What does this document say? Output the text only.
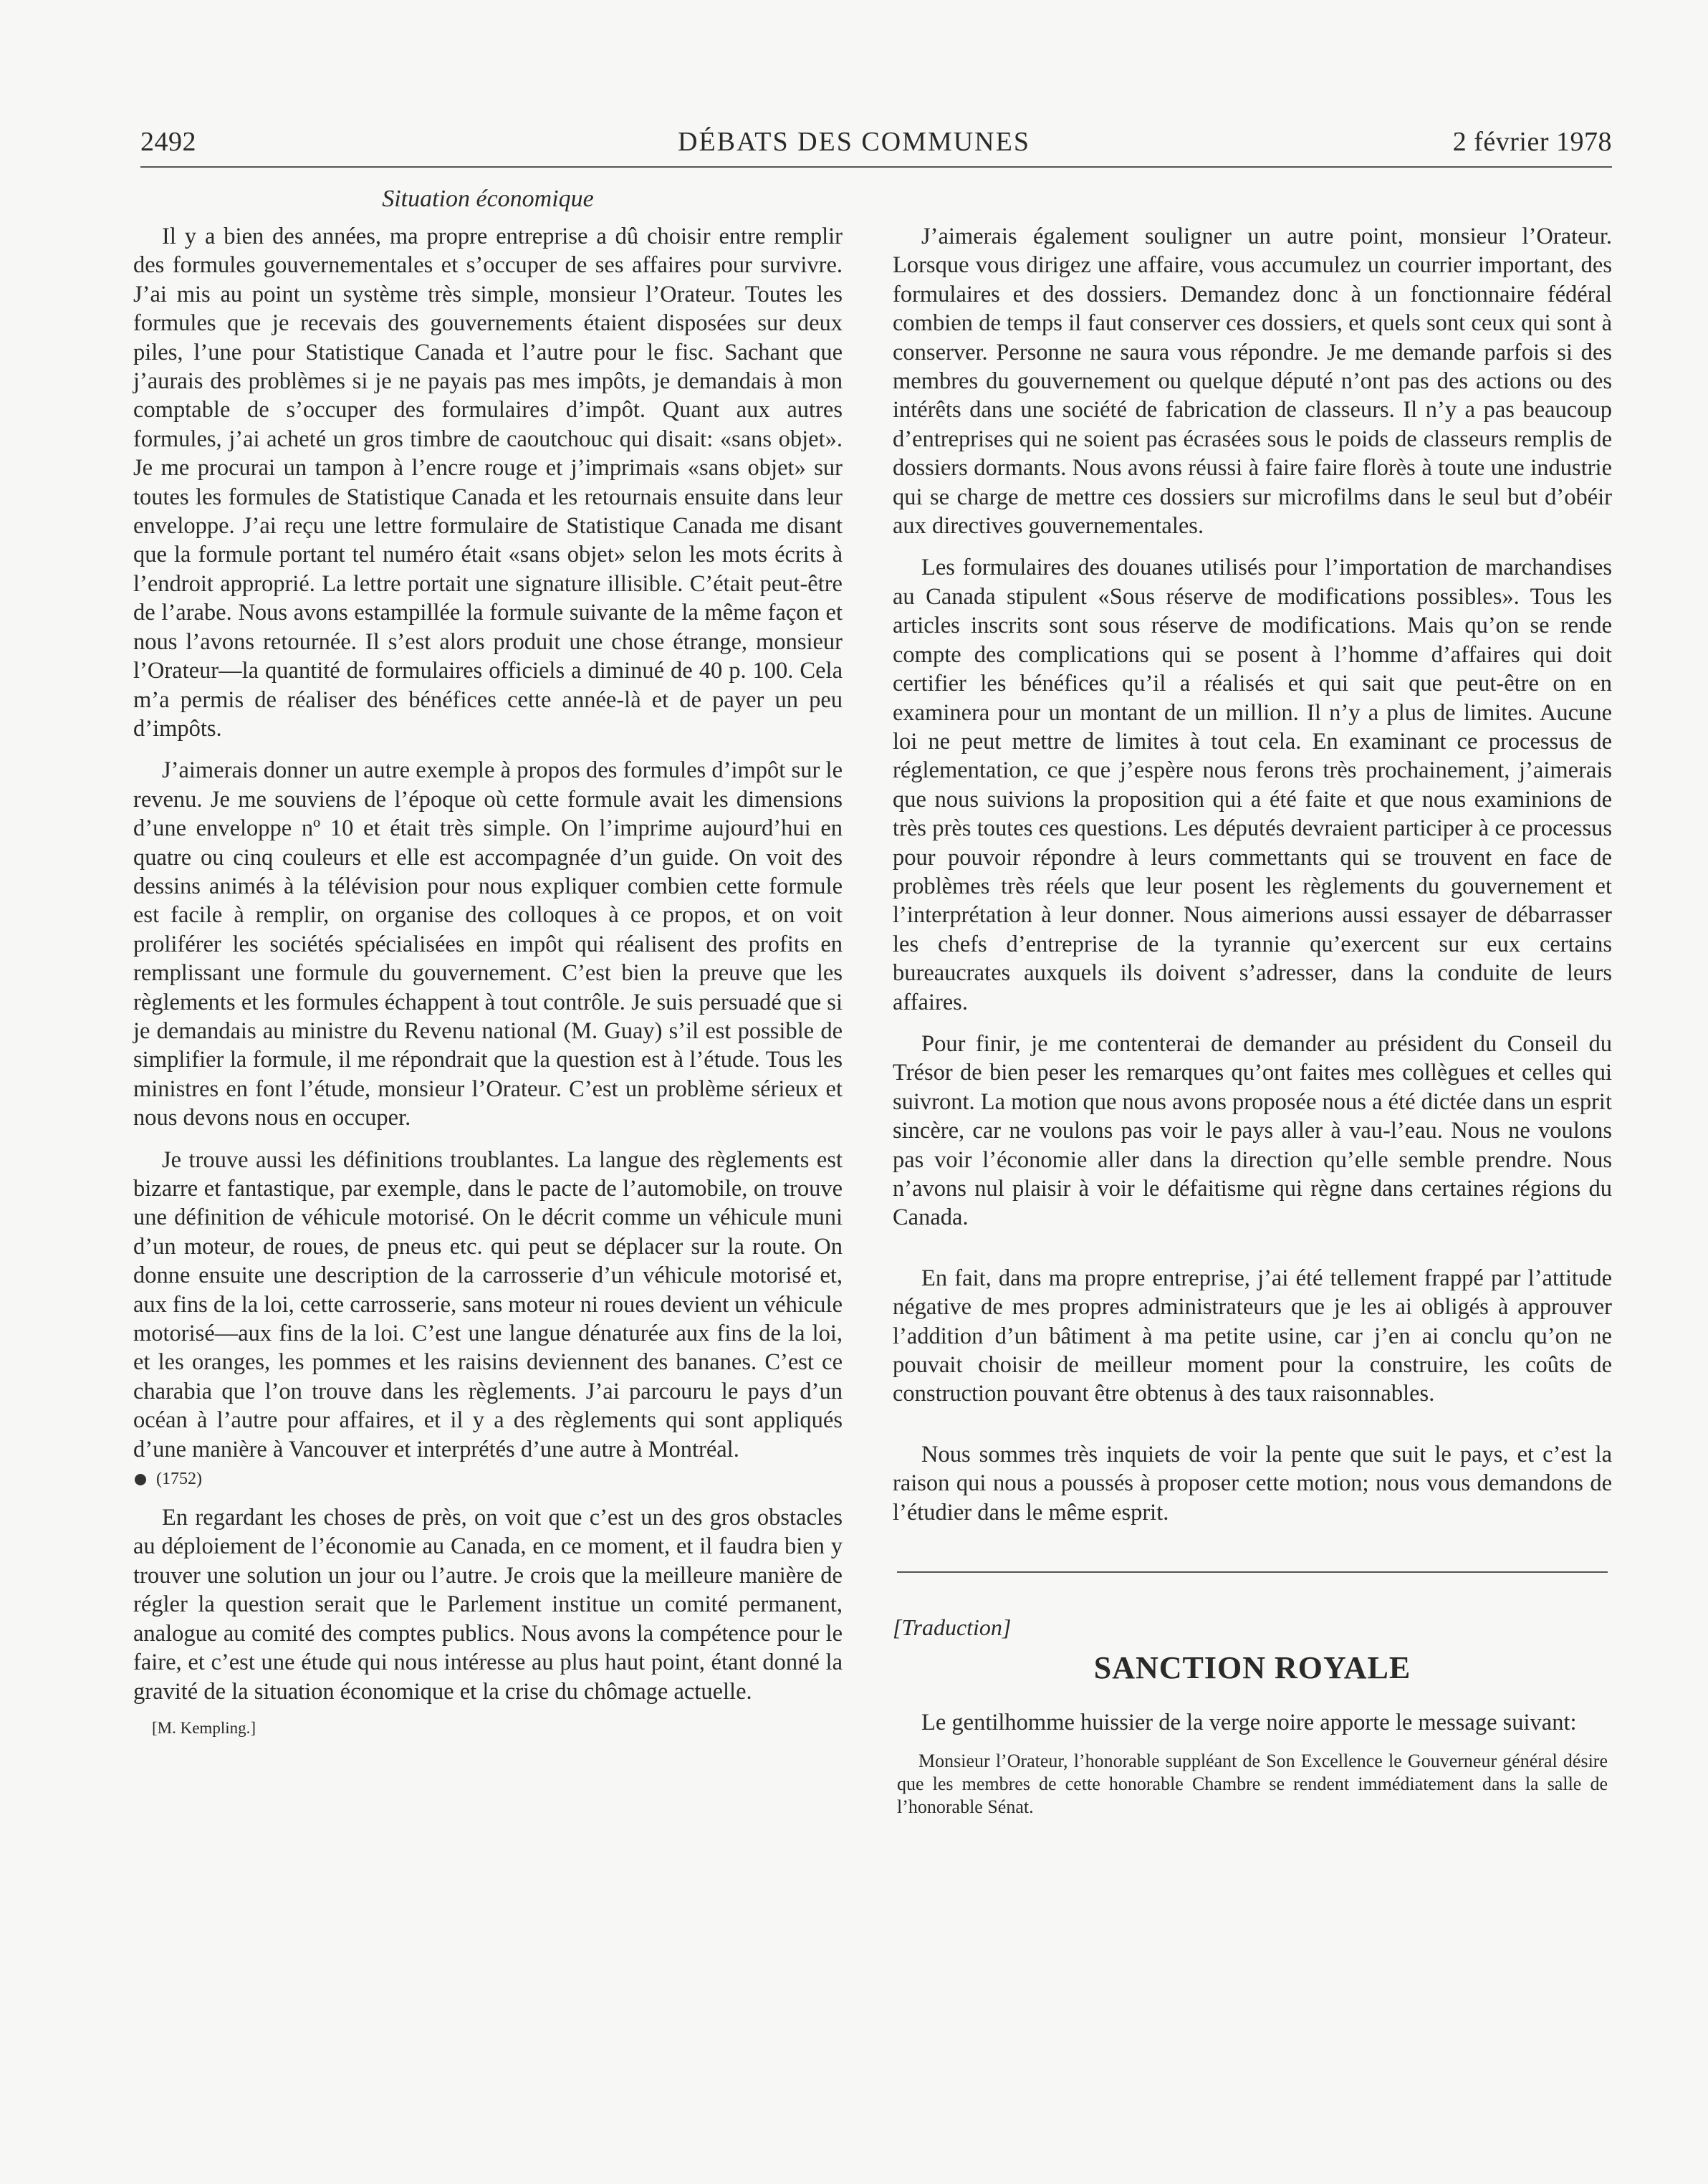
2492	DÉBATS DES COMMUNES	2 février 1978
Situation économique

Il y a bien des années, ma propre entreprise a dû choisir entre remplir des formules gouvernementales et s’occuper de ses affaires pour survivre. J’ai mis au point un système très simple, monsieur l’Orateur. Toutes les formules que je recevais des gouvernements étaient disposées sur deux piles, l’une pour Statistique Canada et l’autre pour le fisc. Sachant que j’aurais des problèmes si je ne payais pas mes impôts, je demandais à mon comptable de s’occuper des formulaires d’impôt. Quant aux autres formules, j’ai acheté un gros timbre de caoutchouc qui disait: «sans objet». Je me procurai un tampon à l’encre rouge et j’imprimais «sans objet» sur toutes les formules de Statistique Canada et les retournais ensuite dans leur enveloppe. J’ai reçu une lettre formulaire de Statistique Canada me disant que la formule portant tel numéro était «sans objet» selon les mots écrits à l’endroit approprié. La lettre portait une signature illisible. C’était peut-être de l’arabe. Nous avons estampillée la formule suivante de la même façon et nous l’avons retournée. Il s’est alors produit une chose étrange, monsieur l’Orateur—la quantité de formulaires officiels a diminué de 40 p. 100. Cela m’a permis de réaliser des bénéfices cette année-là et de payer un peu d’impôts.

J’aimerais donner un autre exemple à propos des formules d’impôt sur le revenu. Je me souviens de l’époque où cette formule avait les dimensions d’une enveloppe nº 10 et était très simple. On l’imprime aujourd’hui en quatre ou cinq couleurs et elle est accompagnée d’un guide. On voit des dessins animés à la télévision pour nous expliquer combien cette formule est facile à remplir, on organise des colloques à ce propos, et on voit proliférer les sociétés spécialisées en impôt qui réalisent des profits en remplissant une formule du gouvernement. C’est bien la preuve que les règlements et les formules échappent à tout contrôle. Je suis persuadé que si je demandais au ministre du Revenu national (M. Guay) s’il est possible de simplifier la formule, il me répondrait que la question est à l’étude. Tous les ministres en font l’étude, monsieur l’Orateur. C’est un problème sérieux et nous devons nous en occuper.

Je trouve aussi les définitions troublantes. La langue des règlements est bizarre et fantastique, par exemple, dans le pacte de l’automobile, on trouve une définition de véhicule motorisé. On le décrit comme un véhicule muni d’un moteur, de roues, de pneus etc. qui peut se déplacer sur la route. On donne ensuite une description de la carrosserie d’un véhicule motorisé et, aux fins de la loi, cette carrosserie, sans moteur ni roues devient un véhicule motorisé—aux fins de la loi. C’est une langue dénaturée aux fins de la loi, et les oranges, les pommes et les raisins deviennent des bananes. C’est ce charabia que l’on trouve dans les règlements. J’ai parcouru le pays d’un océan à l’autre pour affaires, et il y a des règlements qui sont appliqués d’une manière à Vancouver et interprétés d’une autre à Montréal.

(1752)

En regardant les choses de près, on voit que c’est un des gros obstacles au déploiement de l’économie au Canada, en ce moment, et il faudra bien y trouver une solution un jour ou l’autre. Je crois que la meilleure manière de régler la question serait que le Parlement institue un comité permanent, analogue au comité des comptes publics. Nous avons la compétence pour le faire, et c’est une étude qui nous intéresse au plus haut point, étant donné la gravité de la situation économique et la crise du chômage actuelle.

[M. Kempling.]

J’aimerais également souligner un autre point, monsieur l’Orateur. Lorsque vous dirigez une affaire, vous accumulez un courrier important, des formulaires et des dossiers. Demandez donc à un fonctionnaire fédéral combien de temps il faut conserver ces dossiers, et quels sont ceux qui sont à conserver. Personne ne saura vous répondre. Je me demande parfois si des membres du gouvernement ou quelque député n’ont pas des actions ou des intérêts dans une société de fabrication de classeurs. Il n’y a pas beaucoup d’entreprises qui ne soient pas écrasées sous le poids de classeurs remplis de dossiers dormants. Nous avons réussi à faire faire florès à toute une industrie qui se charge de mettre ces dossiers sur microfilms dans le seul but d’obéir aux directives gouvernementales.

Les formulaires des douanes utilisés pour l’importation de marchandises au Canada stipulent «Sous réserve de modifications possibles». Tous les articles inscrits sont sous réserve de modifications. Mais qu’on se rende compte des complications qui se posent à l’homme d’affaires qui doit certifier les bénéfices qu’il a réalisés et qui sait que peut-être on en examinera pour un montant de un million. Il n’y a plus de limites. Aucune loi ne peut mettre de limites à tout cela. En examinant ce processus de réglementation, ce que j’espère nous ferons très prochainement, j’aimerais que nous suivions la proposition qui a été faite et que nous examinions de très près toutes ces questions. Les députés devraient participer à ce processus pour pouvoir répondre à leurs commettants qui se trouvent en face de problèmes très réels que leur posent les règlements du gouvernement et l’interprétation à leur donner. Nous aimerions aussi essayer de débarrasser les chefs d’entreprise de la tyrannie qu’exercent sur eux certains bureaucrates auxquels ils doivent s’adresser, dans la conduite de leurs affaires.

Pour finir, je me contenterai de demander au président du Conseil du Trésor de bien peser les remarques qu’ont faites mes collègues et celles qui suivront. La motion que nous avons proposée nous a été dictée dans un esprit sincère, car ne voulons pas voir le pays aller à vau-l’eau. Nous ne voulons pas voir l’économie aller dans la direction qu’elle semble prendre. Nous n’avons nul plaisir à voir le défaitisme qui règne dans certaines régions du Canada.

En fait, dans ma propre entreprise, j’ai été tellement frappé par l’attitude négative de mes propres administrateurs que je les ai obligés à approuver l’addition d’un bâtiment à ma petite usine, car j’en ai conclu qu’on ne pouvait choisir de meilleur moment pour la construire, les coûts de construction pouvant être obtenus à des taux raisonnables.

Nous sommes très inquiets de voir la pente que suit le pays, et c’est la raison qui nous a poussés à proposer cette motion; nous vous demandons de l’étudier dans le même esprit.

[Traduction]
SANCTION ROYALE

Le gentilhomme huissier de la verge noire apporte le message suivant:

Monsieur l’Orateur, l’honorable suppléant de Son Excellence le Gouverneur général désire que les membres de cette honorable Chambre se rendent immédiatement dans la salle de l’honorable Sénat.
